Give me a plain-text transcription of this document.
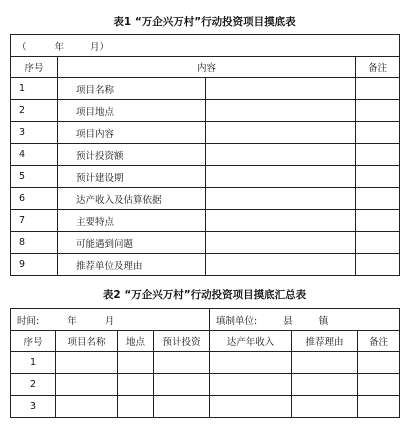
表1 “万企兴万村”行动投资项目摸底表
（ 年 月）			
序号	内容		备注
1	项目名称		
2	项目地点		
3	项目内容		
4	预计投资额		
5	预计建设期		
6	达产收入及估算依据		
7	主要特点		
8	可能遇到问题		
9	推荐单位及理由		
表2 “万企兴万村”行动投资项目摸底汇总表
时间: 年 月				填制单位: 县 镇		
序号	项目名称	地点	预计投资	达产年收入	推荐理由	备注
1						
2						
3						
